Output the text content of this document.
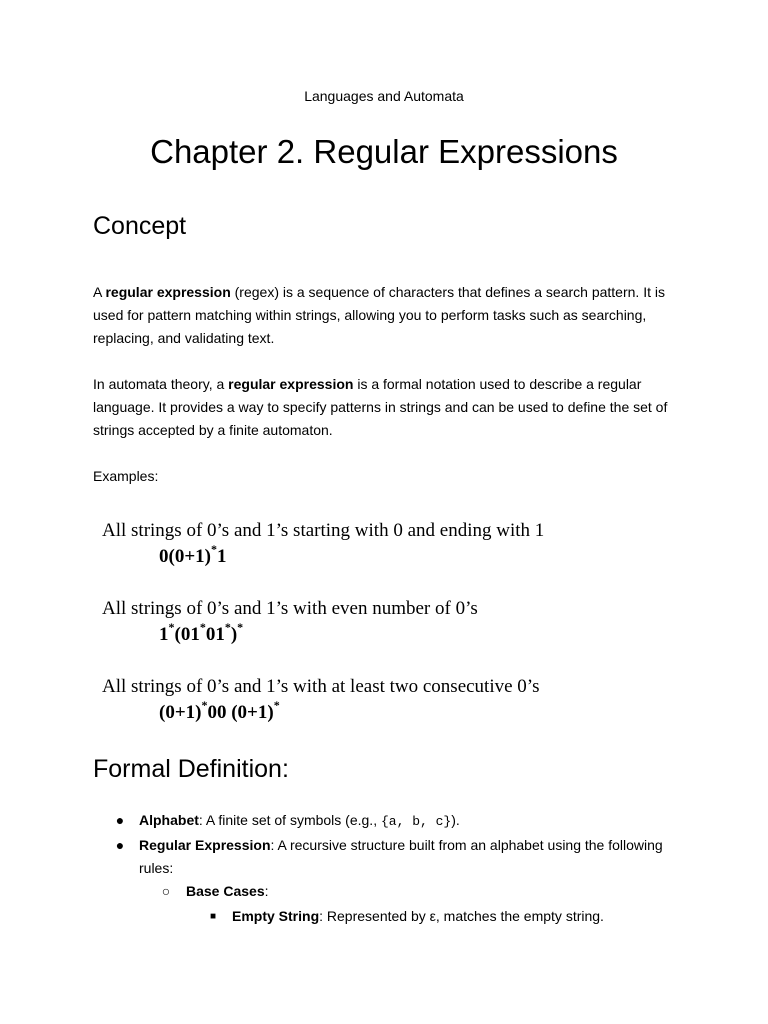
Languages and Automata
Chapter 2. Regular Expressions
Concept

A regular expression (regex) is a sequence of characters that defines a search pattern. It is used for pattern matching within strings, allowing you to perform tasks such as searching, replacing, and validating text.

In automata theory, a regular expression is a formal notation used to describe a regular language. It provides a way to specify patterns in strings and can be used to define the set of strings accepted by a finite automaton.

Examples:

All strings of 0’s and 1’s starting with 0 and ending with 1
0(0+1)*1
All strings of 0’s and 1’s with even number of 0’s
1*(01*01*)*
All strings of 0’s and 1’s with at least two consecutive 0’s
(0+1)*00 (0+1)*
Formal Definition:
● Alphabet: A finite set of symbols (e.g., {a, b, c}).
● Regular Expression: A recursive structure built from an alphabet using the following
rules:
○ Base Cases:
■	Empty String: Represented by ε, matches the empty string.
